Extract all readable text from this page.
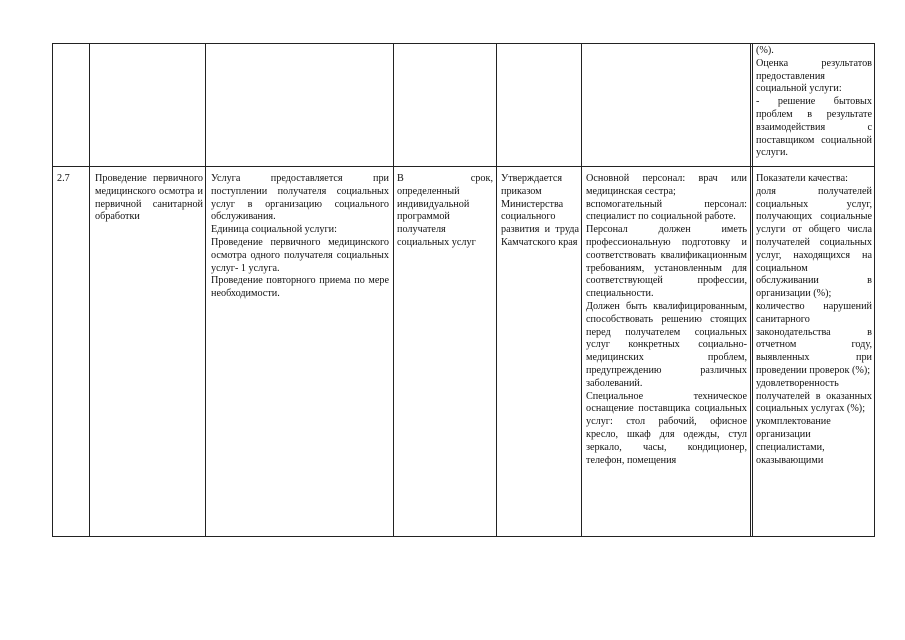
(%).

Оценка результатов предоставления социальной услуги:

- решение бытовых проблем в результате взаимодействия с поставщиком социальной услуги.

2.7	Проведение первичного медицинского осмотра и первичной санитарной обработки

Услуга предоставляется при поступлении получателя социальных услуг в организацию социального обслуживания.

Единица социальной услуги:

Проведение первичного медицинского осмотра одного получателя социальных услуг- 1 услуга.

Проведение повторного приема по мере необходимости.

В срок, определенный индивидуальной программой получателя социальных услуг

Утверждается приказом Министерства социального развития и труда Камчатского края

Основной персонал: врач или медицинская сестра;

вспомогательный персонал: специалист по социальной работе.

Персонал должен иметь профессиональную подготовку и соответствовать квалификационным требованиям, установленным для соответствующей профессии, специальности.

Должен быть квалифицированным, способствовать решению стоящих перед получателем социальных услуг конкретных социально-медицинских проблем, предупреждению различных заболеваний.

Специальное техническое оснащение поставщика социальных услуг: стол рабочий, офисное кресло, шкаф для одежды, стул зеркало, часы, кондиционер, телефон, помещения

Показатели качества:

доля получателей социальных услуг, получающих социальные услуги от общего числа получателей социальных услуг, находящихся на социальном обслуживании в организации (%);

количество нарушений санитарного законодательства в отчетном году, выявленных при проведении проверок (%);

удовлетворенность получателей в оказанных социальных услугах (%);

укомплектование организации специалистами, оказывающими
